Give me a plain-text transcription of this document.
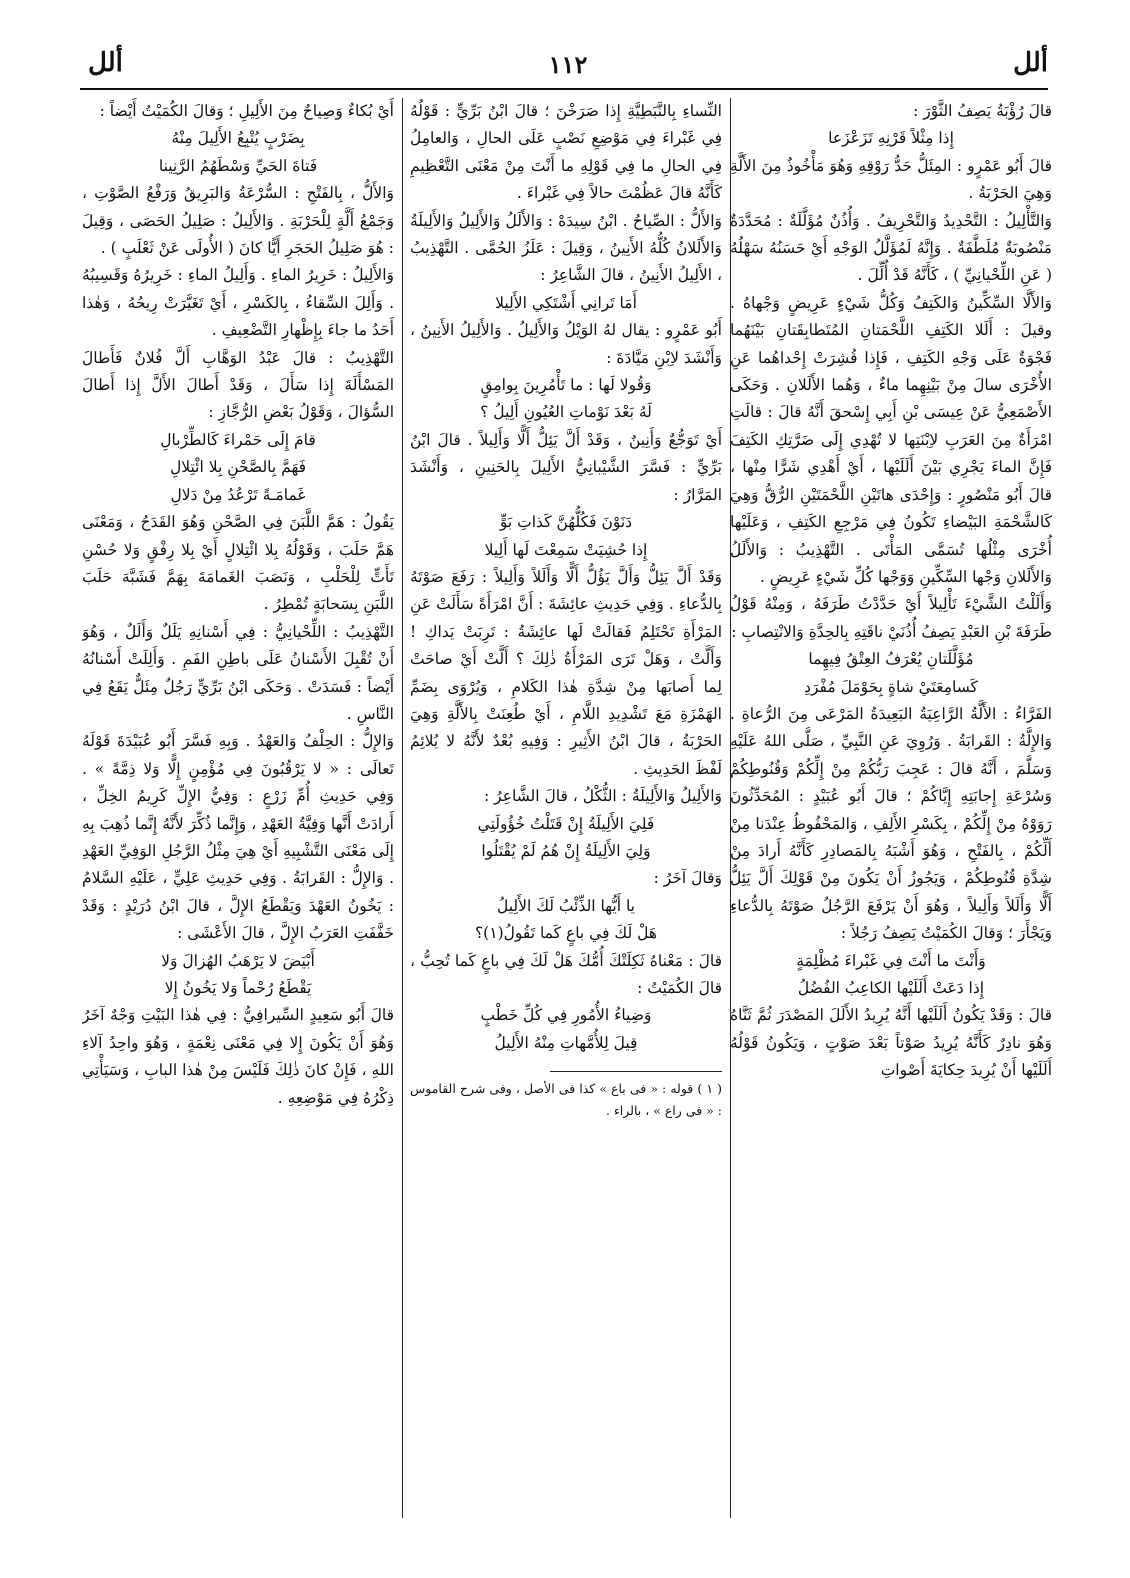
ألل
١١٢
ألل

قالَ رُؤْبَةُ يَصِفُ الثَّوْرَ :

إِذا مِثْلاً قَرْنِهِ تَزَعْزَعا

قالَ أَبُو عَمْرٍو : المِئَلُّ حَدُّ رَوْقِهِ وَهُوَ مَأْخُوذٌ مِنَ الأَلَّةِ وَهِيَ الحَرْبَةُ .

وَالتَّأْلِيلُ : التَّحْدِيدُ وَالتَّحْرِيفُ . وَأُذُنٌ مُؤَلَّلَةٌ : مُحَدَّدَةٌ مَنْصُوبَةٌ مُلَطَّفَةٌ . وَإِنَّهُ لَمُؤَلَّلُ الوَجْهِ أَيْ حَسَنُهُ سَهْلُهُ ( عَنِ اللِّحْيانِيِّ ) ، كَأَنَّهُ قَدْ أُلِّلَ .

وَالأَلَّا السِّكِّينُ وَالكَتِفُ وَكُلُّ شَيْءٍ عَرِيضٍ وَجْهاهُ . وقيلَ : أَلَلا الكَتِفِ اللَّحْمَتانِ المُتَطابِقَتانِ بَيْنَهُما فَجْوَةٌ عَلَى وَجْهِ الكَتِفِ ، فَإِذا قُشِرَتْ إِحْداهُما عَنِ الأُخْرَى سالَ مِنْ بَيْنِهِما ماءٌ ، وَهُما الأَلَلانِ . وَحَكَى الأَصْمَعِيُّ عَنْ عِيسَى بْنِ أَبِي إِسْحقَ أَنَّهُ قالَ : قالَتِ امْرَأَةٌ مِنَ العَرَبِ لاِبْنَتِها لا تُهْدِي إِلَى ضَرَّتِكِ الكَتِفَ فَإِنَّ الماءَ يَجْرِي بَيْنَ أَلَلَيْها ، أَيْ أَهْدِي شَرًّا مِنْها ، قالَ أَبُو مَنْصُورٍ : وَإِحْدَى هاتَيْنِ اللَّحْمَتَيْنِ الرُّقُّ وَهِيَ كَالشَّحْمَةِ البَيْضاءِ تَكُونُ فِي مَرْجِعِ الكَتِفِ ، وَعَلَيْها أُخْرَى مِثْلُها تُسَمَّى المَأْتَى . التَّهْذِيبُ : وَالأَلَلُ وَالأَلَلانِ وَجْها السِّكِّينِ وَوَجْها كُلِّ شَيْءٍ عَرِيضٍ .

وَأَلَلْتُ الشَّيْءَ تَأْلِيلاً أَيْ حَدَّدْتُ طَرَفَهُ ، وَمِنْهُ قَوْلُ طَرَفَةَ بْنِ العَبْدِ يَصِفُ أُذُنَيْ ناقَتِهِ بِالحِدَّةِ وَالانْتِصابِ :

مُؤَلَّلَتانِ يُعْرَفُ العِتْقُ فِيهِما

كَسامِعَتَيْ شاةٍ بِحَوْمَلَ مُفْرَدِ

الفَرَّاءُ : الأَلَّةُ الرَّاعِيَةُ البَعِيدَةُ المَرْعَى مِنَ الرُّعاةِ . وَالإِلَّةُ : القَرابَةُ . وَرُوِيَ عَنِ النَّبِيِّ ، صَلَّى اللهُ عَلَيْهِ وَسَلَّمَ ، أَنَّهُ قالَ : عَجِبَ رَبُّكُمْ مِنْ إِلِّكُمْ وَقُنُوطِكُمْ وَسُرْعَةِ إِجابَتِهِ إِيَّاكُمْ ؛ قالَ أَبُو عُبَيْدٍ : المُحَدِّثُونَ رَوَوْهُ مِنْ إِلِّكُمْ ، بِكَسْرِ الأَلِفِ ، وَالمَحْفُوظُ عِنْدَنا مِنْ أَلِّكُمْ ، بِالفَتْحِ ، وَهُوَ أَشْبَهُ بِالمَصادِرِ كَأَنَّهُ أَرادَ مِنْ شِدَّةِ قُنُوطِكُمْ ، وَيَجُوزُ أَنْ يَكُونَ مِنْ قَوْلِكَ أَلَّ يَئِلُّ أَلًّا وَأَلَلاً وَأَلِيلاً ، وَهُوَ أَنْ يَرْفَعَ الرَّجُلُ صَوْتَهُ بِالدُّعاءِ وَيَجْأَرَ ؛ وَقالَ الكُمَيْتُ يَصِفُ رَجُلاً :

وَأَنْتَ ما أَنْتَ فِي غَبْراءَ مُظْلِمَةٍ

إِذا دَعَتْ أَلَلَيْها الكاعِبُ الفُضُلُ

قالَ : وَقَدْ يَكُونُ أَلَلَيْها أَنَّهُ يُرِيدُ الأَلَلَ المَصْدَرَ ثُمَّ ثَنَّاهُ وَهُوَ نادِرٌ كَأَنَّهُ يُرِيدُ صَوْتاً بَعْدَ صَوْتٍ ، وَيَكُونُ قَوْلُهُ أَلَلَيْها أَنْ يُرِيدَ حِكايَةَ أَصْواتِ

النِّساءِ بِالنَّبَطِيَّةِ إِذا صَرَخْنَ ؛ قالَ ابْنُ بَرِّيٍّ : قَوْلُهُ فِي غَبْراءَ فِي مَوْضِعِ نَصْبٍ عَلَى الحالِ ، وَالعامِلُ فِي الحالِ ما فِي قَوْلِهِ ما أَنْتَ مِنْ مَعْنَى التَّعْظِيمِ كَأَنَّهُ قالَ عَظُمْتَ حالاً فِي غَبْراءَ .

وَالأَلُّ : الصِّياحُ . ابْنُ سِيدَهْ : وَالأَلَلُ وَالأَلِيلُ وَالأَلِيلَةُ وَالأَلَلانُ كُلُّهُ الأَنِينُ ، وَقِيلَ : عَلَزُ الحُمَّى . التَّهْذِيبُ ، الأَلِيلُ الأَنِينُ ، قالَ الشَّاعِرُ :

أَمَا تَرانِي أَشْتَكِي الأَلِيلا

أَبُو عَمْرٍو : يقال لهُ الوَيْلُ وَالأَلِيلُ . وَالأَلِيلُ الأَنِينُ ، وَأَنْشَدَ لاِبْنِ مَيَّادَةَ :

وَقُولا لَها : ما تَأْمُرِينَ بِوامِقٍ

لَهُ بَعْدَ نَوْماتِ العُيُونِ أَلِيلُ ؟

أَيْ تَوَجُّعٌ وَأَنِينٌ ، وَقَدْ أَلَّ يَئِلُّ أَلًّا وَأَلِيلاً . قالَ ابْنُ بَرِّيٍّ : فَسَّرَ الشَّيْبانِيُّ الأَلِيلَ بِالحَنِينِ ، وَأَنْشَدَ المَرَّارُ :

دَنَوْنَ فَكُلُّهُنَّ كَذاتِ بَوٍّ

إِذا حُشِيَتْ سَمِعْتَ لَها أَلِيلا

وَقَدْ أَلَّ يَئِلُّ وَأَلَّ يَؤُلُّ أَلًّا وَأَلَلاً وَأَلِيلاً : رَفَعَ صَوْتَهُ بِالدُّعاءِ . وَفِي حَدِيثِ عائِشَةَ : أَنَّ امْرَأَةً سَأَلَتْ عَنِ المَرْأَةِ تَحْتَلِمُ فَقالَتْ لَها عائِشَةُ : تَرِبَتْ يَداكِ ! وَأَلَّتْ ، وَهَلْ تَرَى المَرْأَةُ ذٰلِكَ ؟ أَلَّتْ أَيْ صاحَتْ لِما أَصابَها مِنْ شِدَّةِ هٰذا الكَلامِ ، وَيُرْوَى بِضَمِّ الهَمْزَةِ مَعَ تَشْدِيدِ اللَّامِ ، أَيْ طُعِنَتْ بِالأَلَّةِ وَهِيَ الحَرْبَةُ ، قالَ ابْنُ الأَثِيرِ : وَفِيهِ بُعْدٌ لأَنَّهُ لا يُلائِمُ لَفْظَ الحَدِيثِ .

وَالأَلِيلُ وَالأَلِيلَةُ : الثُّكْلُ ، قالَ الشَّاعِرُ :

فَلِيَ الأَلِيلَةُ إِنْ قَتَلْتُ خُؤُولَتِي

وَلِيَ الأَلِيلَةُ إِنْ هُمُ لَمْ يُقْتَلُوا

وَقالَ آخَرُ :

يا أَيُّها الذِّئْبُ لَكَ الأَلِيلُ

هَلْ لَكَ فِي باعٍ كَما تَقُولُ(١)؟

قالَ : مَعْناهُ ثَكِلَتْكَ أُمُّكَ هَلْ لَكَ فِي باعٍ كَما تُحِبُّ ، قالَ الكُمَيْتُ :

وَضِياءُ الأُمُورِ فِي كُلِّ خَطْبٍ

قِيلَ لِلأُمَّهاتِ مِنْهُ الأَلِيلُ

( ١ ) قوله : « فى باع » كذا فى الأصل ، وفى شرح القاموس : « فى راع » ، بالراء .

أَيْ بُكاءٌ وَصِياحٌ مِنَ الأَلِيلِ ؛ وَقالَ الكُمَيْتُ أَيْضاً :

بِضَرْبٍ يُتْبِعُ الأَلِيلَ مِنْهُ

فَتاةَ الحَيِّ وَسْطَهُمُ الرَّنِينا

وَالأَلُّ ، بِالفَتْحِ : السُّرْعَةُ وَالبَرِيقُ وَرَفْعُ الصَّوْتِ ، وَجَمْعُ أَلَّةٍ لِلْحَرْبَةِ . وَالأَلِيلُ : صَلِيلُ الحَصَى ، وَقِيلَ : هُوَ صَلِيلُ الحَجَرِ أَيًّا كانَ ( الأُولَى عَنْ ثَعْلَبٍ ) .

وَالأَلِيلُ : خَرِيرُ الماءِ . وَأَلِيلُ الماءِ : خَرِيرُهُ وَقَسِيبُهُ . وَأَلِلَ السِّقاءُ ، بِالكَسْرِ ، أَيْ تَغَيَّرَتْ رِيحُهُ ، وَهٰذا أَحَدُ ما جاءَ بِإِظْهارِ التَّضْعِيفِ .

التَّهْذِيبُ : قالَ عَبْدُ الوَهَّابِ أَلَّ فُلانٌ فَأَطالَ المَسْأَلَةَ إِذا سَأَلَ ، وَقَدْ أَطالَ الأَلَّ إِذا أَطالَ السُّؤالَ ، وَقَوْلُ بَعْضِ الرُّجَّازِ :

قامَ إِلَى حَمْراءَ كَالطِّرْبالِ

فَهَمَّ بِالصَّحْنِ بِلا ائْتِلالِ

غَمامَـةً تَرْعُدُ مِنْ دَلالِ

يَقُولُ : هَمَّ اللَّبَنَ فِي الصَّحْنِ وَهُوَ القَدَحُ ، وَمَعْنَى هَمَّ حَلَبَ ، وَقَوْلُهُ بِلا ائْتِلالٍ أَيْ بِلا رِفْقٍ وَلا حُسْنِ تَأَتٍّ لِلْحَلْبِ ، وَنَصَبَ الغَمامَةَ بِهَمَّ فَشَبَّهَ حَلَبَ اللَّبَنِ بِسَحابَةٍ تُمْطِرُ .

التَّهْذِيبُ : اللِّحْيانِيُّ : فِي أَسْنانِهِ يَلَلٌ وَأَلَلٌ ، وَهُوَ أَنْ تُقْبِلَ الأَسْنانُ عَلَى باطِنِ الفَمِ . وَأَلِلَتْ أَسْنانُهُ أَيْضاً : فَسَدَتْ . وَحَكَى ابْنُ بَرِّيٍّ رَجُلٌ مِئَلٌّ يَقَعُ فِي النَّاسِ .

وَالإِلُّ : الحِلْفُ وَالعَهْدُ . وَبِهِ فَسَّرَ أَبُو عُبَيْدَةَ قَوْلَهُ تَعالَى : « لا يَرْقُبُونَ فِي مُؤْمِنٍ إِلًّا وَلا ذِمَّةً » . وَفِي حَدِيثِ أُمِّ زَرْعٍ : وَفِيُّ الإِلِّ كَرِيمُ الخِلِّ ، أَرادَتْ أَنَّها وَفِيَّةُ العَهْدِ ، وَإِنَّما ذُكِّرَ لأَنَّهُ إِنَّما ذُهِبَ بِهِ إِلَى مَعْنَى التَّشْبِيهِ أَيْ هِيَ مِثْلُ الرَّجُلِ الوَفِيِّ العَهْدِ . وَالإِلُّ : القَرابَةُ . وَفِي حَدِيثِ عَلِيٍّ ، عَلَيْهِ السَّلامُ : يَخُونُ العَهْدَ وَيَقْطَعُ الإِلَّ ، قالَ ابْنُ دُرَيْدٍ : وَقَدْ خَفَّفَتِ العَرَبُ الإِلَّ ، قالَ الأَعْشَى :

أَبْيَضَ لا يَرْهَبُ الهُزالَ وَلا

يَقْطَعُ رُحْماً وَلا يَخُونُ إِلا

قالَ أَبُو سَعِيدٍ السِّيرافِيُّ : فِي هٰذا البَيْتِ وَجْهٌ آخَرُ وَهُوَ أَنْ يَكُونَ إِلا فِي مَعْنَى نِعْمَةٍ ، وَهُوَ واحِدُ آلاءِ اللهِ ، فَإِنْ كانَ ذٰلِكَ فَلَيْسَ مِنْ هٰذا البابِ ، وَسَيَأْتِي ذِكْرُهُ فِي مَوْضِعِهِ .
